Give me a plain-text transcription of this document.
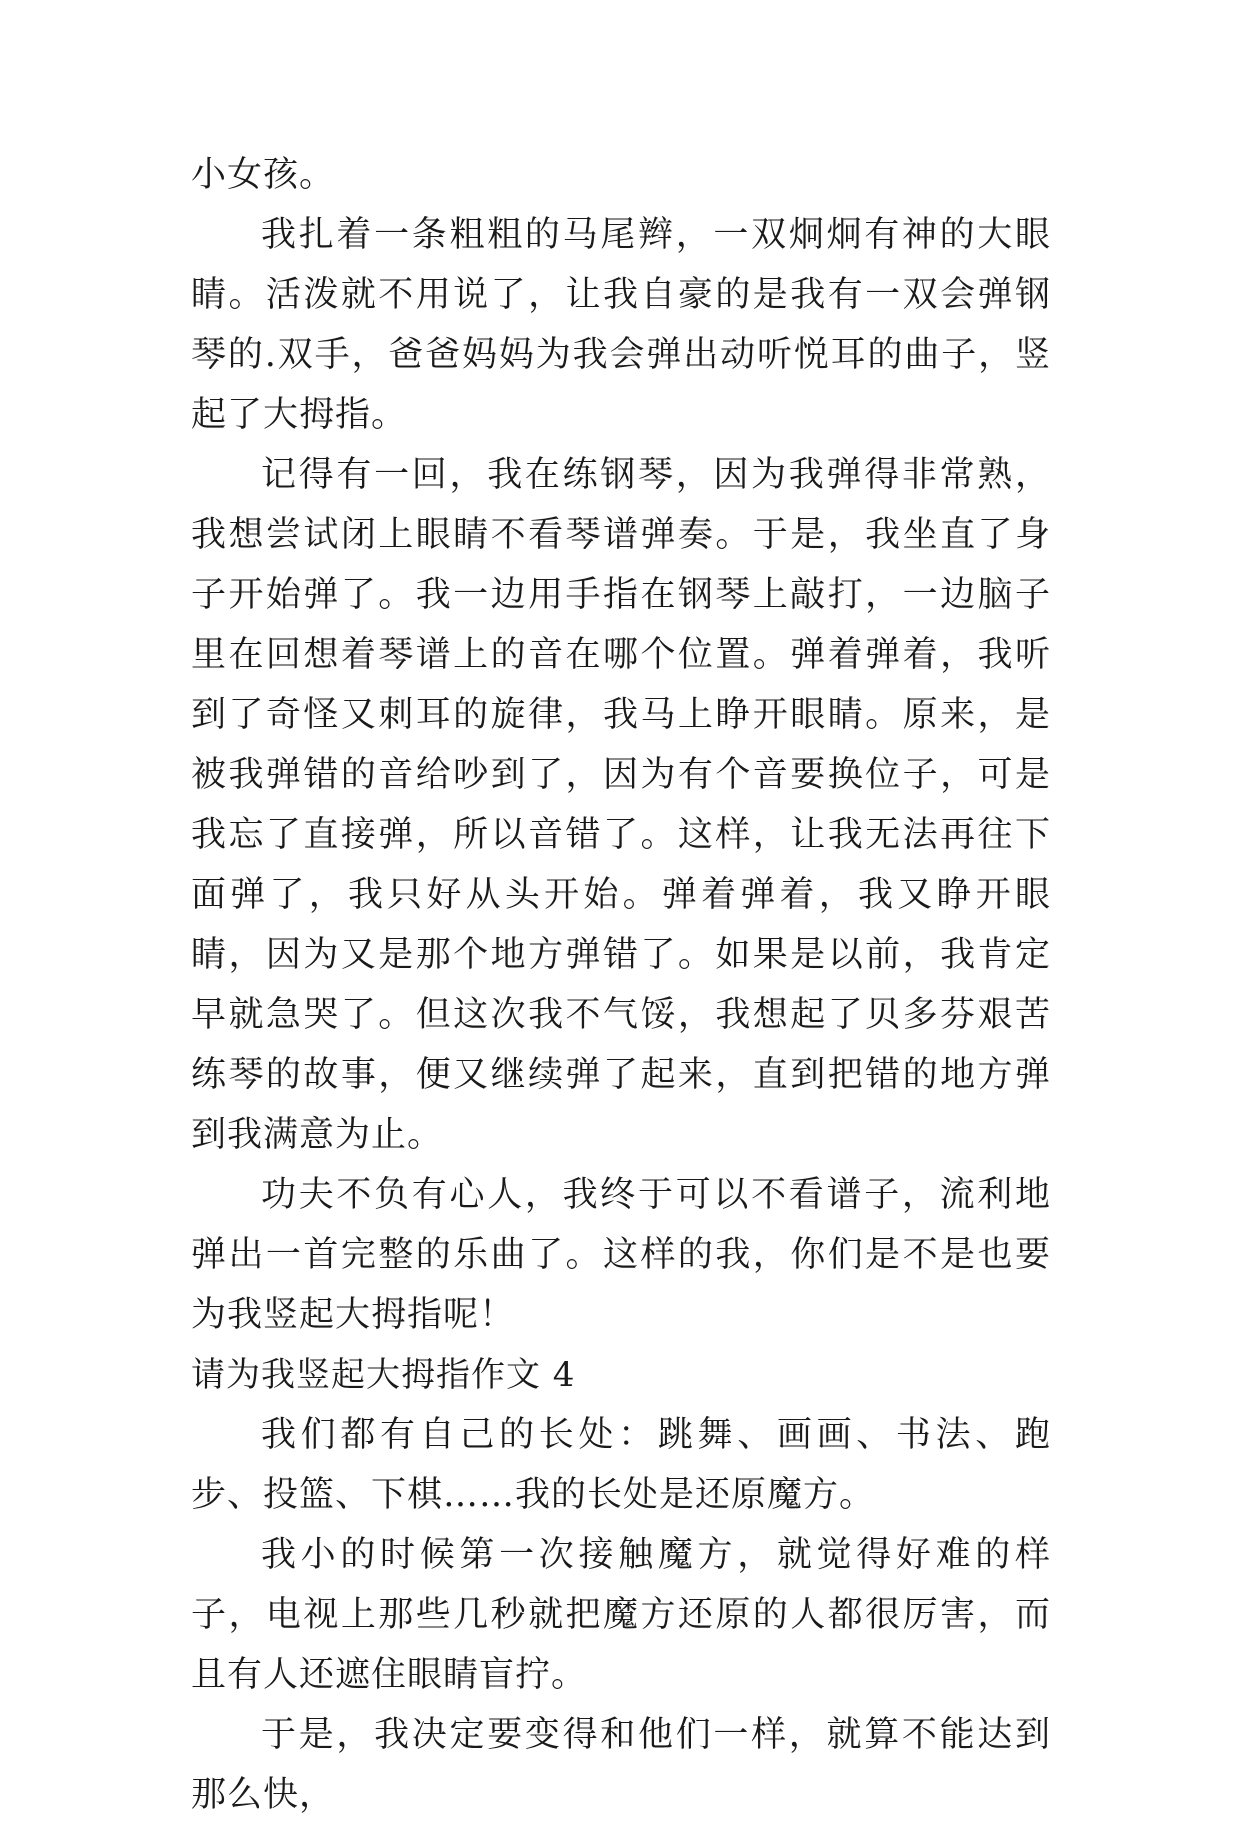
小女孩。

我扎着一条粗粗的马尾辫，一双炯炯有神的大眼睛。活泼就不用说了，让我自豪的是我有一双会弹钢琴的.双手，爸爸妈妈为我会弹出动听悦耳的曲子，竖起了大拇指。

记得有一回，我在练钢琴，因为我弹得非常熟，我想尝试闭上眼睛不看琴谱弹奏。于是，我坐直了身子开始弹了。我一边用手指在钢琴上敲打，一边脑子里在回想着琴谱上的音在哪个位置。弹着弹着，我听到了奇怪又刺耳的旋律，我马上睁开眼睛。原来，是被我弹错的音给吵到了，因为有个音要换位子，可是我忘了直接弹，所以音错了。这样，让我无法再往下面弹了，我只好从头开始。弹着弹着，我又睁开眼睛，因为又是那个地方弹错了。如果是以前，我肯定早就急哭了。但这次我不气馁，我想起了贝多芬艰苦练琴的故事，便又继续弹了起来，直到把错的地方弹到我满意为止。

功夫不负有心人，我终于可以不看谱子，流利地弹出一首完整的乐曲了。这样的我，你们是不是也要为我竖起大拇指呢！

请为我竖起大拇指作文 4

我们都有自己的长处：跳舞、画画、书法、跑步、投篮、下棋……我的长处是还原魔方。

我小的时候第一次接触魔方，就觉得好难的样子，电视上那些几秒就把魔方还原的人都很厉害，而且有人还遮住眼睛盲拧。

于是，我决定要变得和他们一样，就算不能达到那么快，
